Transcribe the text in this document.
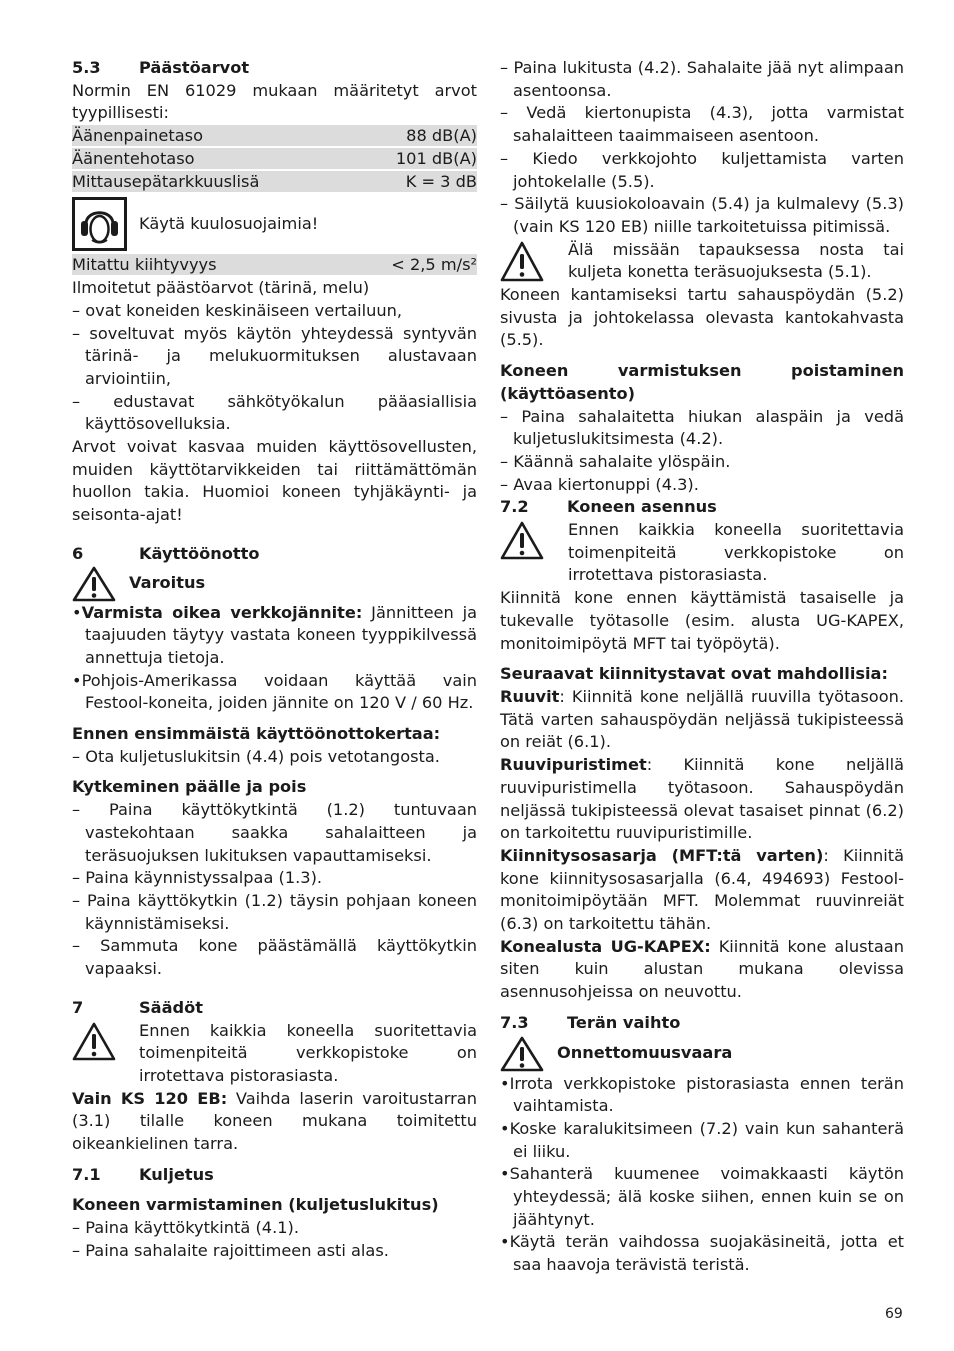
5.3	Päästöarvot

Normin EN 61029 mukaan määritetyt arvot tyypillisesti:

Äänenpainetaso	88 dB(A)
Äänentehotaso	101 dB(A)
Mittausepätarkkuuslisä	K = 3 dB
Käytä kuulosuojaimia!
Mitattu kiihtyvyys	< 2,5 m/s²

Ilmoitetut päästöarvot (tärinä, melu)

– ovat koneiden keskinäiseen vertailuun,

– soveltuvat myös käytön yhteydessä syntyvän tärinä- ja melukuormituksen alustavaan arviointiin,

– edustavat sähkötyökalun pääasiallisia käyttösovelluksia.

Arvot voivat kasvaa muiden käyttösovellusten, muiden käyttötarvikkeiden tai riittämättömän huollon takia. Huomioi koneen tyhjäkäynti- ja seisonta-ajat!

6	Käyttöönotto
Varoitus

•Varmista oikea verkkojännite: Jännitteen ja taajuuden täytyy vastata koneen tyyppikilvessä annettuja tietoja.

•Pohjois-Amerikassa voidaan käyttää vain Festool-koneita, joiden jännite on 120 V / 60 Hz.

Ennen ensimmäistä käyttöönottokertaa:

– Ota kuljetuslukitsin (4.4) pois vetotangosta.

Kytkeminen päälle ja pois

– Paina käyttökytkintä (1.2) tuntuvaan vastekohtaan saakka sahalaitteen ja teräsuojuksen lukituksen vapauttamiseksi.

– Paina käynnistyssalpaa (1.3).

– Paina käyttökytkin (1.2) täysin pohjaan koneen käynnistämiseksi.

– Sammuta kone päästämällä käyttökytkin vapaaksi.

7	Säädöt

Ennen kaikkia koneella suoritettavia toimenpiteitä verkkopistoke on irrotettava pistorasiasta.

Vain KS 120 EB: Vaihda laserin varoitustarran (3.1) tilalle koneen mukana toimitettu oikeankielinen tarra.

7.1	Kuljetus

Koneen varmistaminen (kuljetuslukitus)

– Paina käyttökytkintä (4.1).

– Paina sahalaite rajoittimeen asti alas.

– Paina lukitusta (4.2). Sahalaite jää nyt alimpaan asentoonsa.

– Vedä kiertonupista (4.3), jotta varmistat sahalaitteen taaimmaiseen asentoon.

– Kiedo verkkojohto kuljettamista varten johtokelalle (5.5).

– Säilytä kuusiokoloavain (5.4) ja kulmalevy (5.3) (vain KS 120 EB) niille tarkoitetuissa pitimissä.

Älä missään tapauksessa nosta tai kuljeta konetta teräsuojuksesta (5.1).

Koneen kantamiseksi tartu sahauspöydän (5.2) sivusta ja johtokelassa olevasta kantokahvasta (5.5).

Koneen varmistuksen poistaminen (käyttöasento)

– Paina sahalaitetta hiukan alaspäin ja vedä kuljetuslukitsimesta (4.2).

– Käännä sahalaite ylöspäin.

– Avaa kiertonuppi (4.3).

7.2	Koneen asennus

Ennen kaikkia koneella suoritettavia toimenpiteitä verkkopistoke on irrotettava pistorasiasta.

Kiinnitä kone ennen käyttämistä tasaiselle ja tukevalle työtasolle (esim. alusta UG-KAPEX, monitoimipöytä MFT tai työpöytä).

Seuraavat kiinnitystavat ovat mahdollisia:

Ruuvit: Kiinnitä kone neljällä ruuvilla työtasoon. Tätä varten sahauspöydän neljässä tukipisteessä on reiät (6.1).

Ruuvipuristimet: Kiinnitä kone neljällä ruuvipuristimella työtasoon. Sahauspöydän neljässä tukipisteessä olevat tasaiset pinnat (6.2) on tarkoitettu ruuvipuristimille.

Kiinnitysosasarja (MFT:tä varten): Kiinnitä kone kiinnitysosasarjalla (6.4, 494693) Festool-monitoimipöytään MFT. Molemmat ruuvinreiät (6.3) on tarkoitettu tähän.

Konealusta UG-KAPEX: Kiinnitä kone alustaan siten kuin alustan mukana olevissa asennusohjeissa on neuvottu.

7.3	Terän vaihto
Onnettomuusvaara

•Irrota verkkopistoke pistorasiasta ennen terän vaihtamista.

•Koske karalukitsimeen (7.2) vain kun sahanterä ei liiku.

•Sahanterä kuumenee voimakkaasti käytön yhteydessä; älä koske siihen, ennen kuin se on jäähtynyt.

•Käytä terän vaihdossa suojakäsineitä, jotta et saa haavoja terävistä teristä.

69
